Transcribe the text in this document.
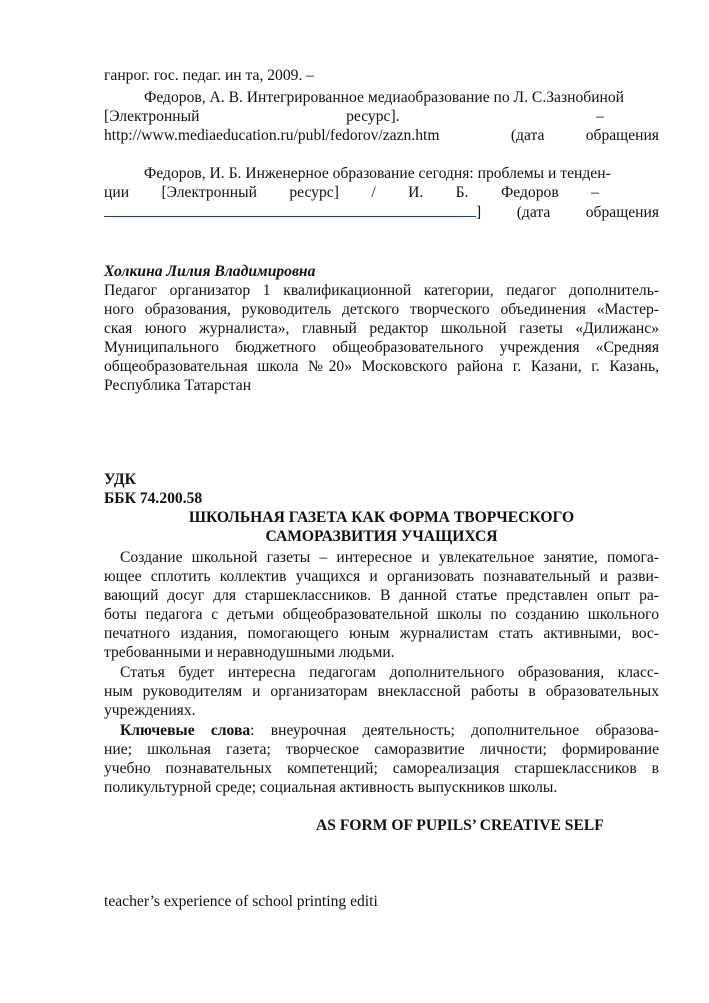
ганрог. гос. педаг. ин та, 2009. –
Федоров, А. В. Интегрированное медиаобразование по Л. С.Зазнобиной
[Электронный	ресурс].	–
http://www.mediaeducation.ru/publ/fedorov/zazn.htm	(дата	обращения
Федоров, И. Б. Инженерное образование сегодня: проблемы и тенден-
ции [Электронный ресурс] / И. Б. Федоров –
] (дата обращения
Холкина Лилия Владимировна
Педагог организатор 1 квалификационной категории, педагог дополнитель-
ного образования, руководитель детского творческого объединения «Мастер-
ская юного журналиста», главный редактор школьной газеты «Дилижанс»
Муниципального бюджетного общеобразовательного учреждения «Средняя
общеобразовательная школа №20» Московского района г. Казани, г. Казань,
Республика Татарстан
УДК
ББК 74.200.58
ШКОЛЬНАЯ ГАЗЕТА КАК ФОРМА ТВОРЧЕСКОГО
САМОРАЗВИТИЯ УЧАЩИХСЯ
Создание школьной газеты – интересное и увлекательное занятие, помога-
ющее сплотить коллектив учащихся и организовать познавательный и разви-
вающий досуг для старшеклассников. В данной статье представлен опыт ра-
боты педагога с детьми общеобразовательной школы по созданию школьного
печатного издания, помогающего юным журналистам стать активными, вос-
требованными и неравнодушными людьми.
Статья будет интересна педагогам дополнительного образования, класс-
ным руководителям и организаторам внеклассной работы в образовательных
учреждениях.
Ключевые слова: внеурочная деятельность; дополнительное образова-
ние; школьная газета; творческое саморазвитие личности; формирование
учебно познавательных компетенций; самореализация старшеклассников в
поликультурной среде; социальная активность выпускников школы.
AS FORM OF PUPILS’ CREATIVE SELF
teacher’s experience of school printing editi
